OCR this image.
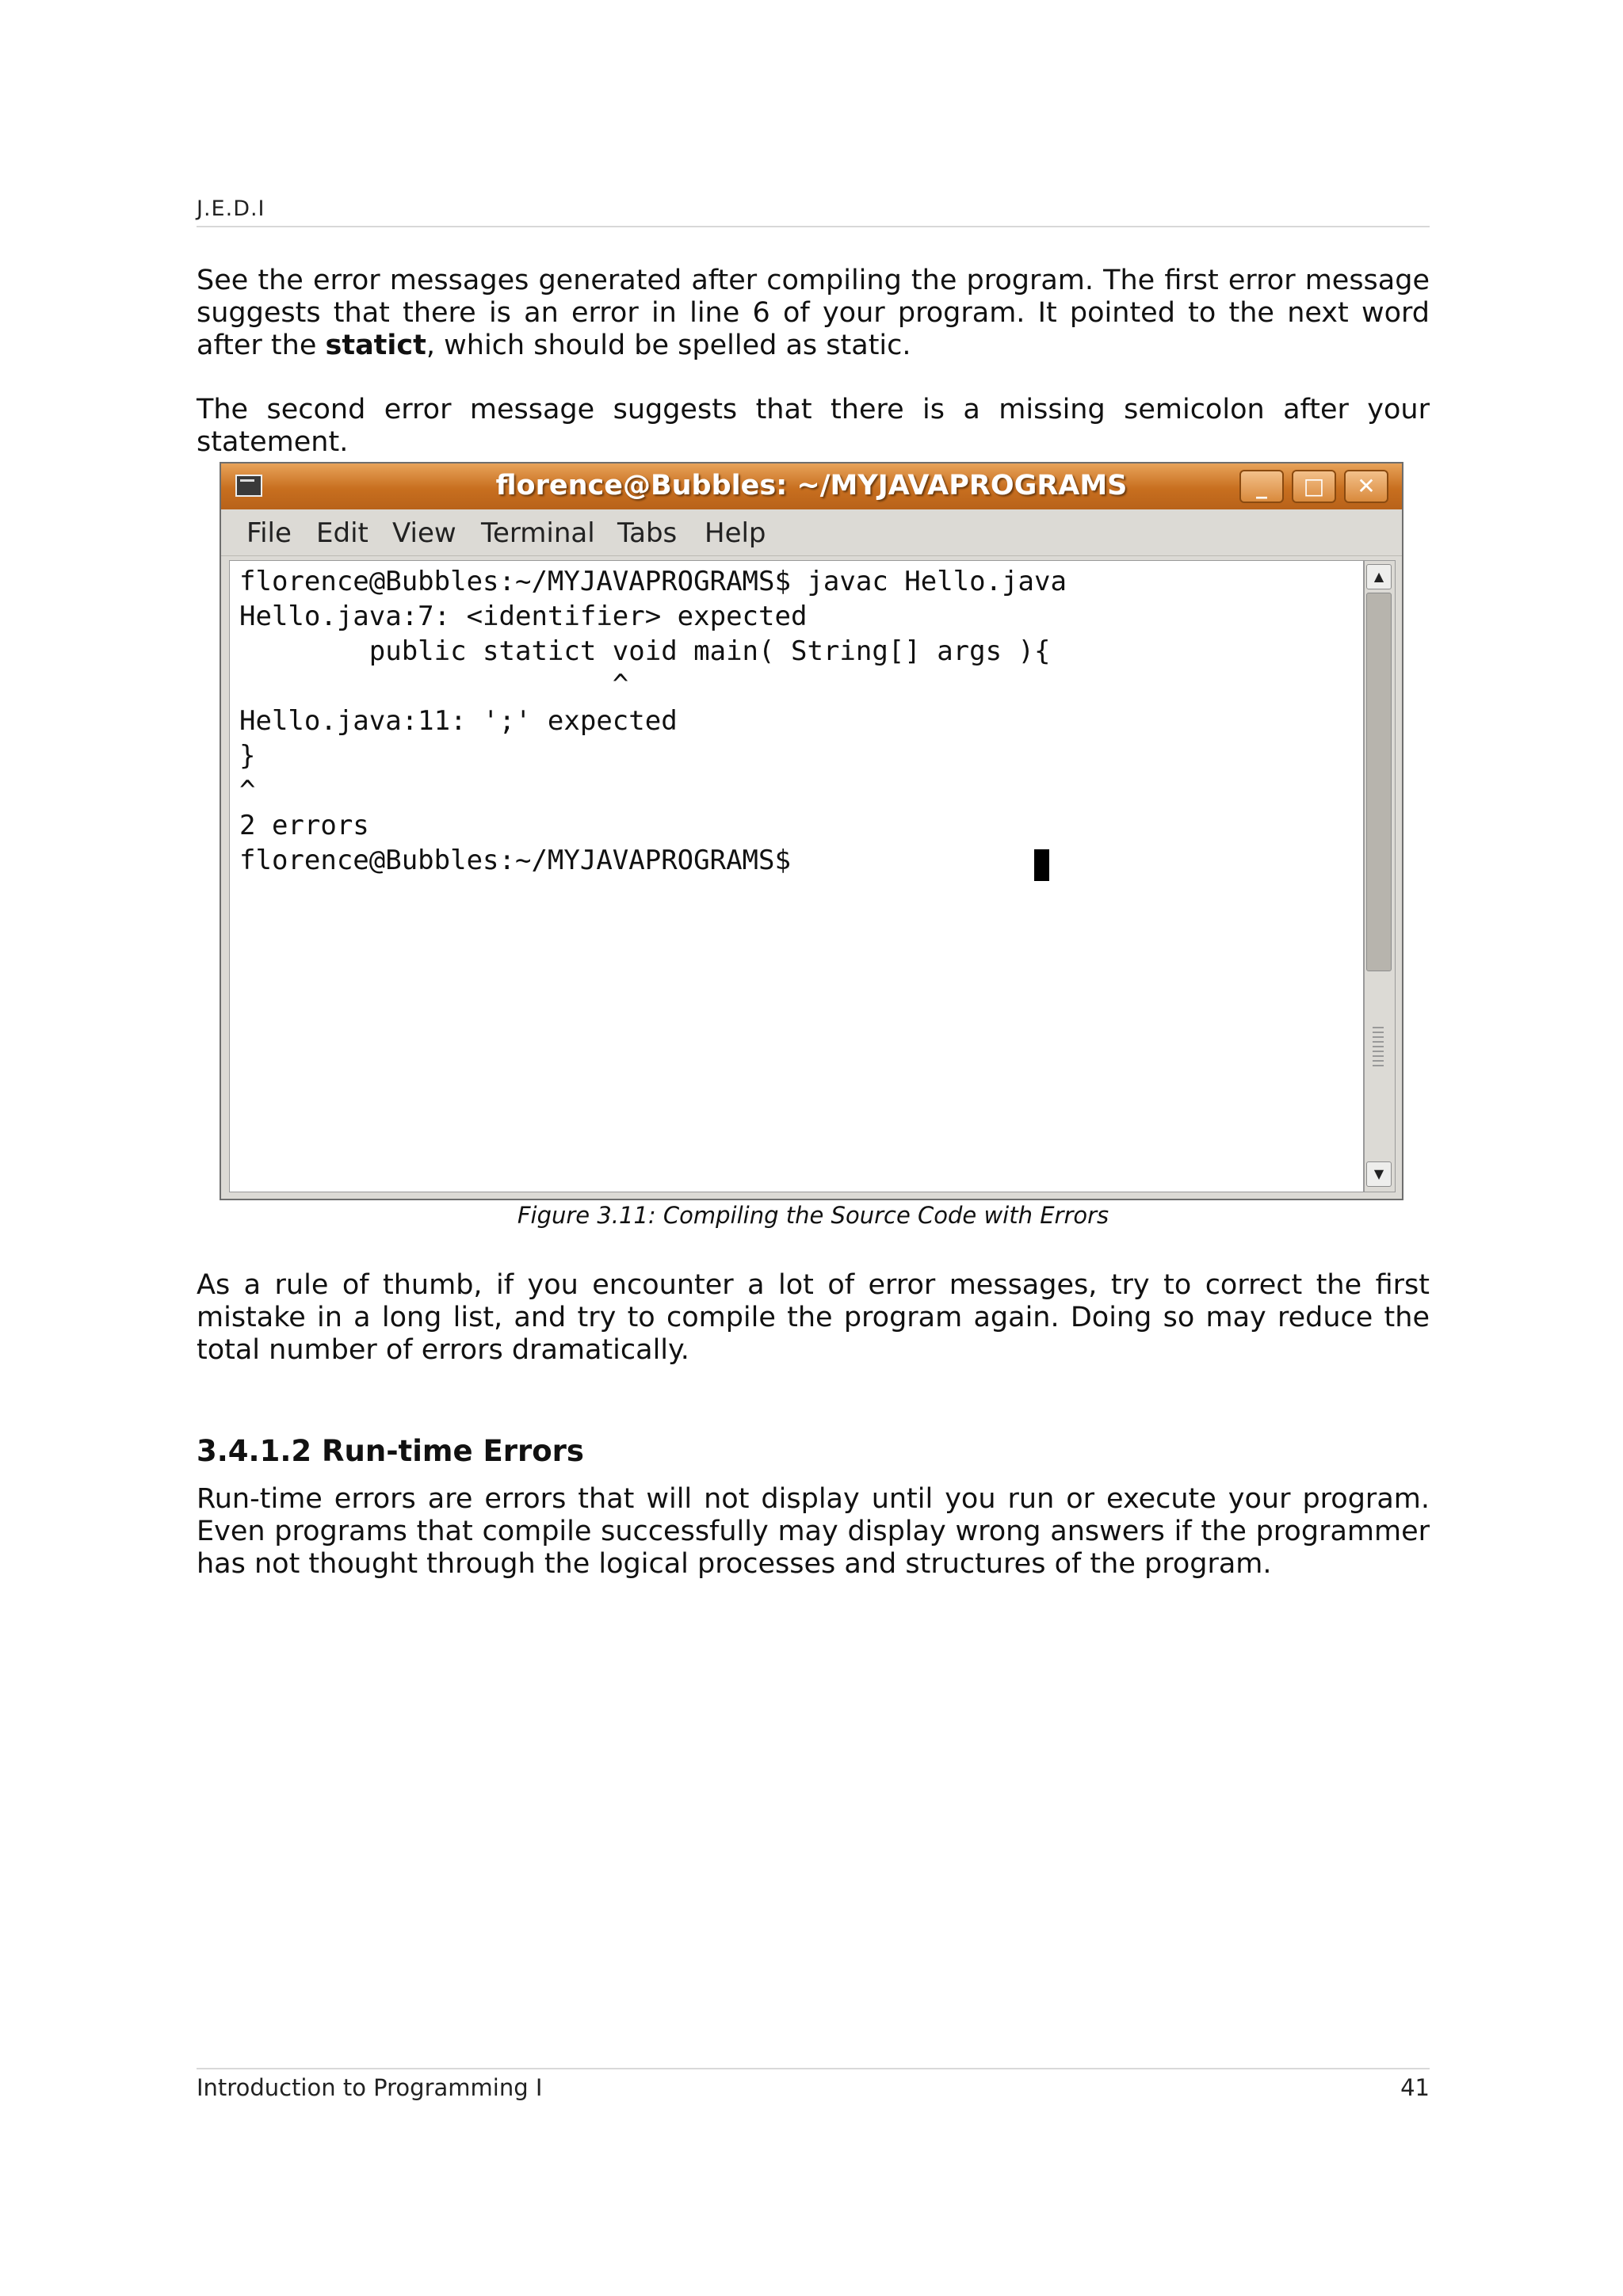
J.E.D.I

See the error messages generated after compiling the program. The first error message suggests that there is an error in line 6 of your program. It pointed to the next word after the statict, which should be spelled as static.

The second error message suggests that there is a missing semicolon after your

statement.

florence@Bubbles: ~/MYJAVAPROGRAMS	_	□	✕
File Edit View Terminal Tabs Help
florence@Bubbles:~/MYJAVAPROGRAMS$ javac Hello.java
Hello.java:7: <identifier> expected
public statict void main( String[] args ){
^
Hello.java:11: ';' expected
}
^
2 errors
florence@Bubbles:~/MYJAVAPROGRAMS$
▲
▼
Figure 3.11: Compiling the Source Code with Errors

As a rule of thumb, if you encounter a lot of error messages, try to correct the first mistake in a long list, and try to compile the program again. Doing so may reduce the total number of errors dramatically.

3.4.1.2 Run-time Errors

Run-time errors are errors that will not display until you run or execute your program. Even programs that compile successfully may display wrong answers if the programmer has not thought through the logical processes and structures of the program.

Introduction to Programming I	41
